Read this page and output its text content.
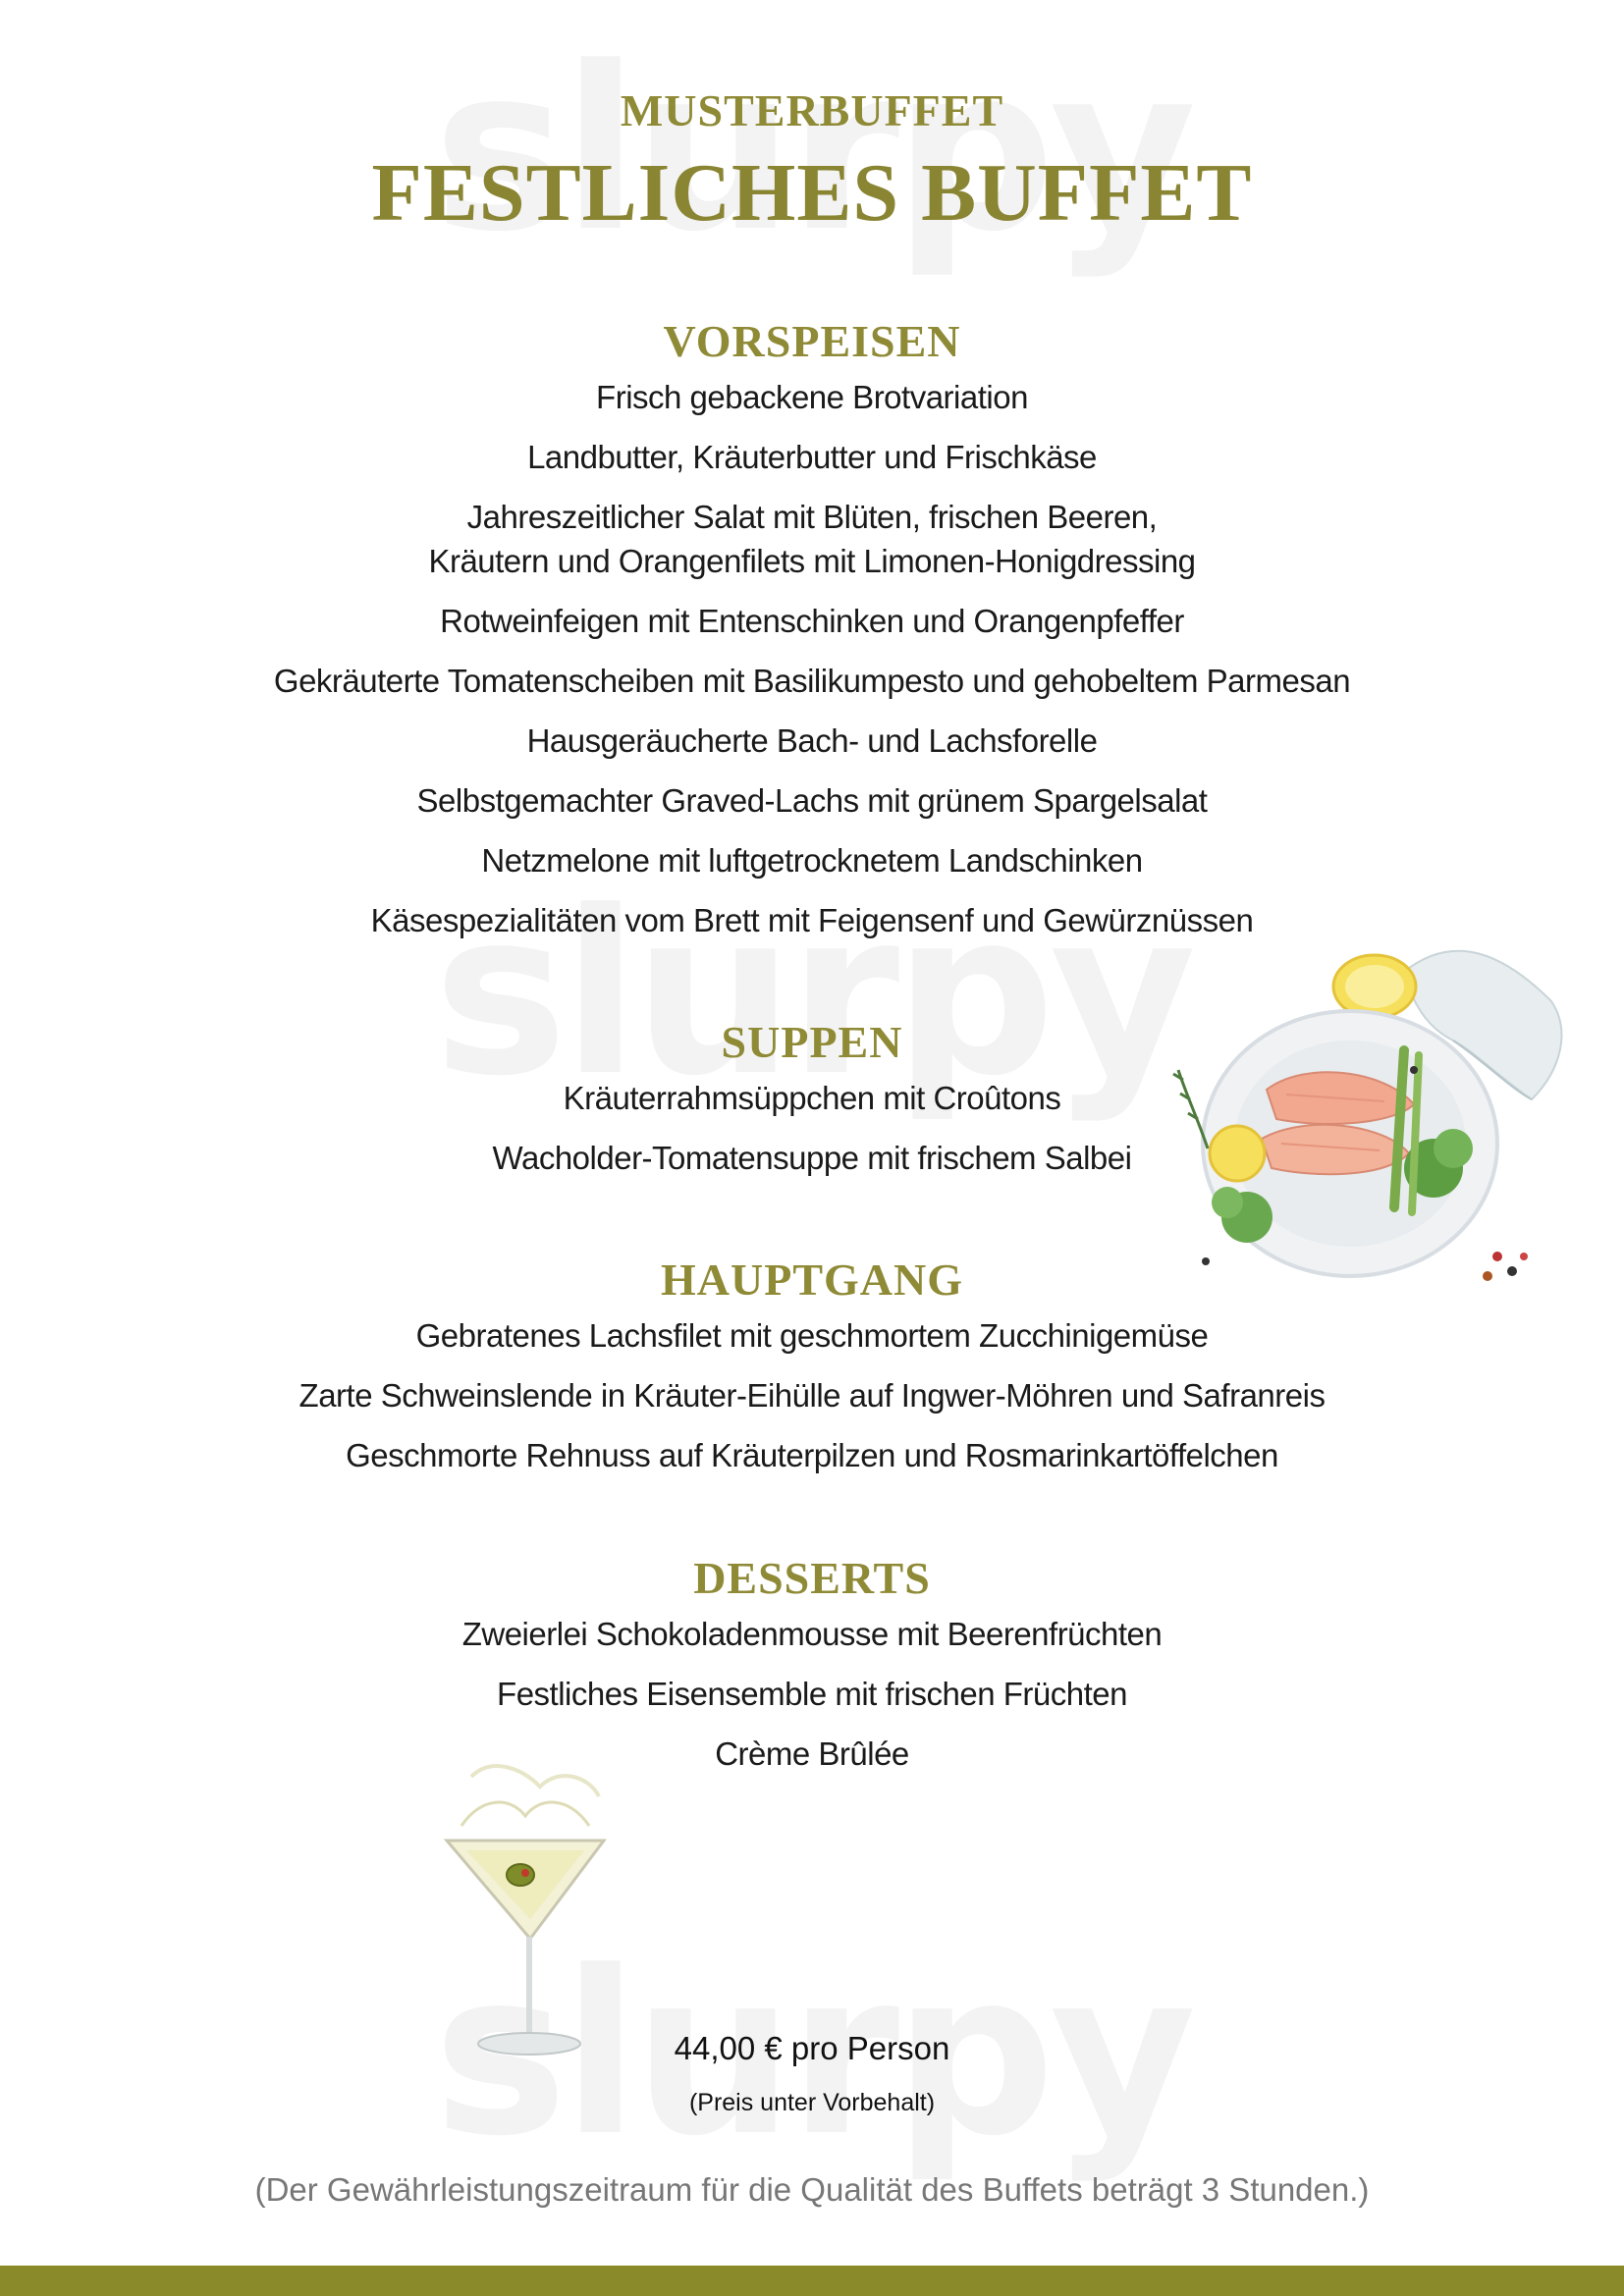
MUSTERBUFFET
FESTLICHES BUFFET
VORSPEISEN
Frisch gebackene Brotvariation
Landbutter, Kräuterbutter und Frischkäse
Jahreszeitlicher Salat mit Blüten, frischen Beeren,
Kräutern und Orangenfilets mit Limonen-Honigdressing
Rotweinfeigen mit Entenschinken und Orangenpfeffer
Gekräuterte Tomatenscheiben mit Basilikumpesto und gehobeltem Parmesan
Hausgeräucherte Bach- und Lachsforelle
Selbstgemachter Graved-Lachs mit grünem Spargelsalat
Netzmelone mit luftgetrocknetem Landschinken
Käsespezialitäten vom Brett mit Feigensenf und Gewürznüssen
SUPPEN
Kräuterrahmsüppchen mit Croûtons
Wacholder-Tomatensuppe mit frischem Salbei
HAUPTGANG
Gebratenes Lachsfilet mit geschmortem Zucchinigemüse
Zarte Schweinslende in Kräuter-Eihülle auf Ingwer-Möhren und Safranreis
Geschmorte Rehnuss auf Kräuterpilzen und Rosmarinkartöffelchen
DESSERTS
Zweierlei Schokoladenmousse mit Beerenfrüchten
Festliches Eisensemble mit frischen Früchten
Crème Brûlée
44,00 € pro Person
(Preis unter Vorbehalt)
(Der Gewährleistungszeitraum für die Qualität des Buffets beträgt 3 Stunden.)
